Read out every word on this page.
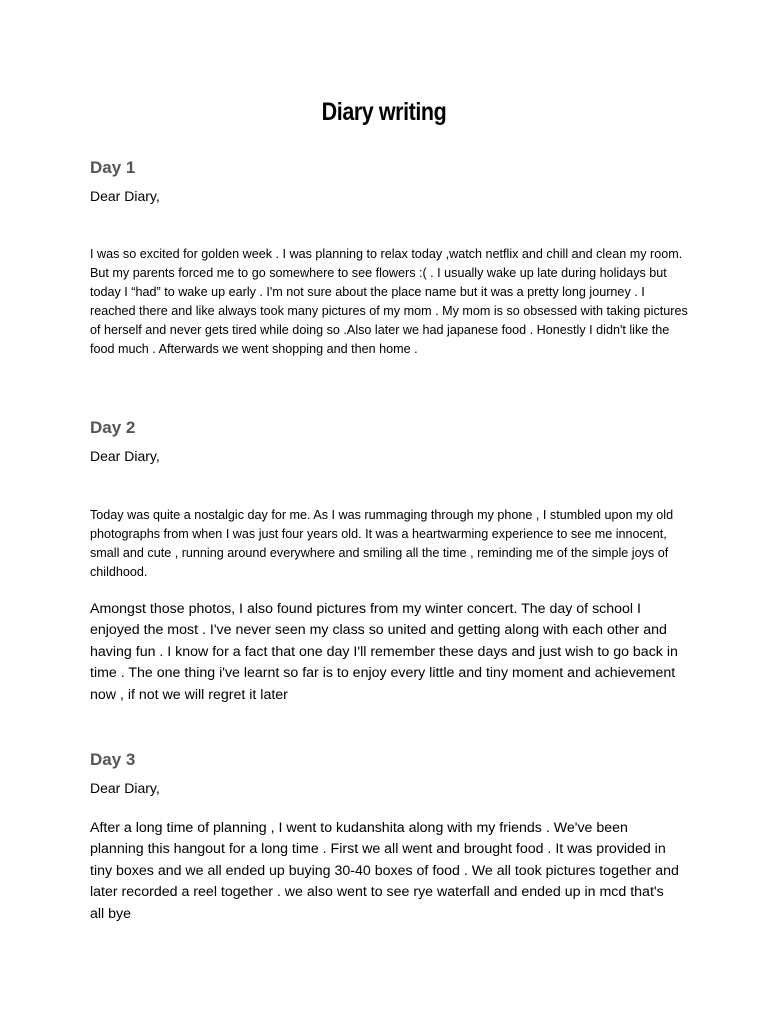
Diary writing
Day 1

Dear Diary,

I was so excited for golden week . I was planning to relax today ,watch netflix and chill and clean my room. But my parents forced me to go somewhere to see flowers :( . I usually wake up late during holidays but today I “had” to wake up early . I'm not sure about the place name but it was a pretty long journey . I reached there and like always took many pictures of my mom . My mom is so obsessed with taking pictures of herself and never gets tired while doing so .Also later we had japanese food . Honestly I didn't like the food much . Afterwards we went shopping and then home .

Day 2

Dear Diary,

Today was quite a nostalgic day for me. As I was rummaging through my phone , I stumbled upon my old photographs from when I was just four years old. It was a heartwarming experience to see me innocent, small and cute , running around everywhere and smiling all the time , reminding me of the simple joys of childhood.

Amongst those photos, I also found pictures from my winter concert. The day of school I enjoyed the most . I've never seen my class so united and getting along with each other and having fun . I know for a fact that one day I'll remember these days and just wish to go back in time . The one thing i've learnt so far is to enjoy every little and tiny moment and achievement now , if not we will regret it later

Day 3

Dear Diary,

After a long time of planning , I went to kudanshita along with my friends . We've been planning this hangout for a long time . First we all went and brought food . It was provided in tiny boxes and we all ended up buying 30-40 boxes of food . We all took pictures together and later recorded a reel together . we also went to see rye waterfall and ended up in mcd that's all bye
